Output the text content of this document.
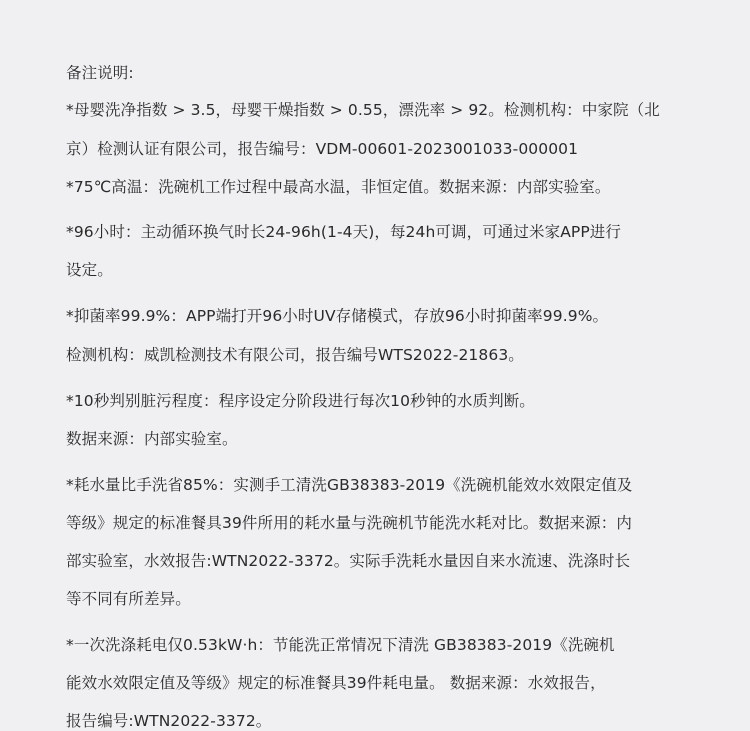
备注说明:
*母婴洗净指数 > 3.5，母婴干燥指数 > 0.55，漂洗率 > 92。检测机构：中家院（北
京）检测认证有限公司，报告编号：VDM-00601-2023001033-000001
*75℃高温：洗碗机工作过程中最高水温，非恒定值。数据来源：内部实验室。
*96小时：主动循环换气时长24-96h(1-4天)，每24h可调，可通过米家APP进行
设定。
*抑菌率99.9%：APP端打开96小时UV存储模式，存放96小时抑菌率99.9%。
检测机构：威凯检测技术有限公司，报告编号WTS2022-21863。
*10秒判别脏污程度：程序设定分阶段进行每次10秒钟的水质判断。
数据来源：内部实验室。
*耗水量比手洗省85%：实测手工清洗GB38383-2019《洗碗机能效水效限定值及
等级》规定的标准餐具39件所用的耗水量与洗碗机节能洗水耗对比。数据来源：内
部实验室，水效报告:WTN2022-3372。实际手洗耗水量因自来水流速、洗涤时长
等不同有所差异。
*一次洗涤耗电仅0.53kW·h：节能洗正常情况下清洗 GB38383-2019《洗碗机
能效水效限定值及等级》规定的标准餐具39件耗电量。 数据来源：水效报告，
报告编号:WTN2022-3372。
